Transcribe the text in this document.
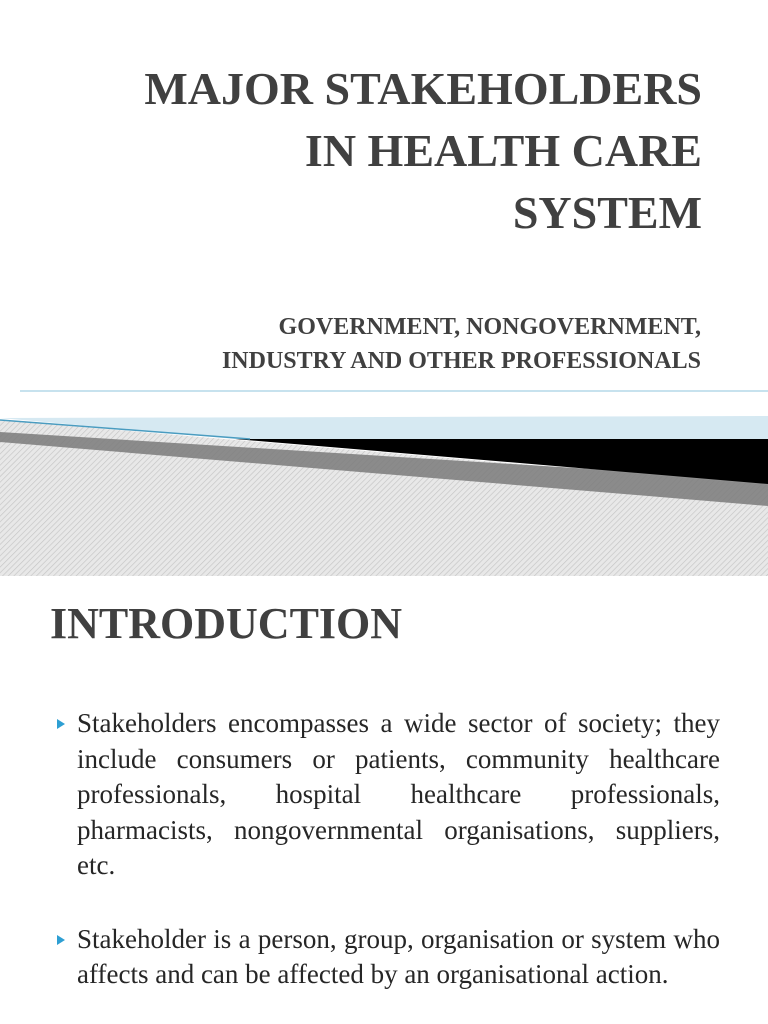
MAJOR STAKEHOLDERS
IN HEALTH CARE
SYSTEM
GOVERNMENT, NONGOVERNMENT,
INDUSTRY AND OTHER PROFESSIONALS
INTRODUCTION
Stakeholders encompasses a wide sector of society; they include consumers or patients, community healthcare professionals, hospital healthcare professionals, pharmacists, nongovernmental organisations, suppliers, etc.
Stakeholder is a person, group, organisation or system who affects and can be affected by an organisational action.
